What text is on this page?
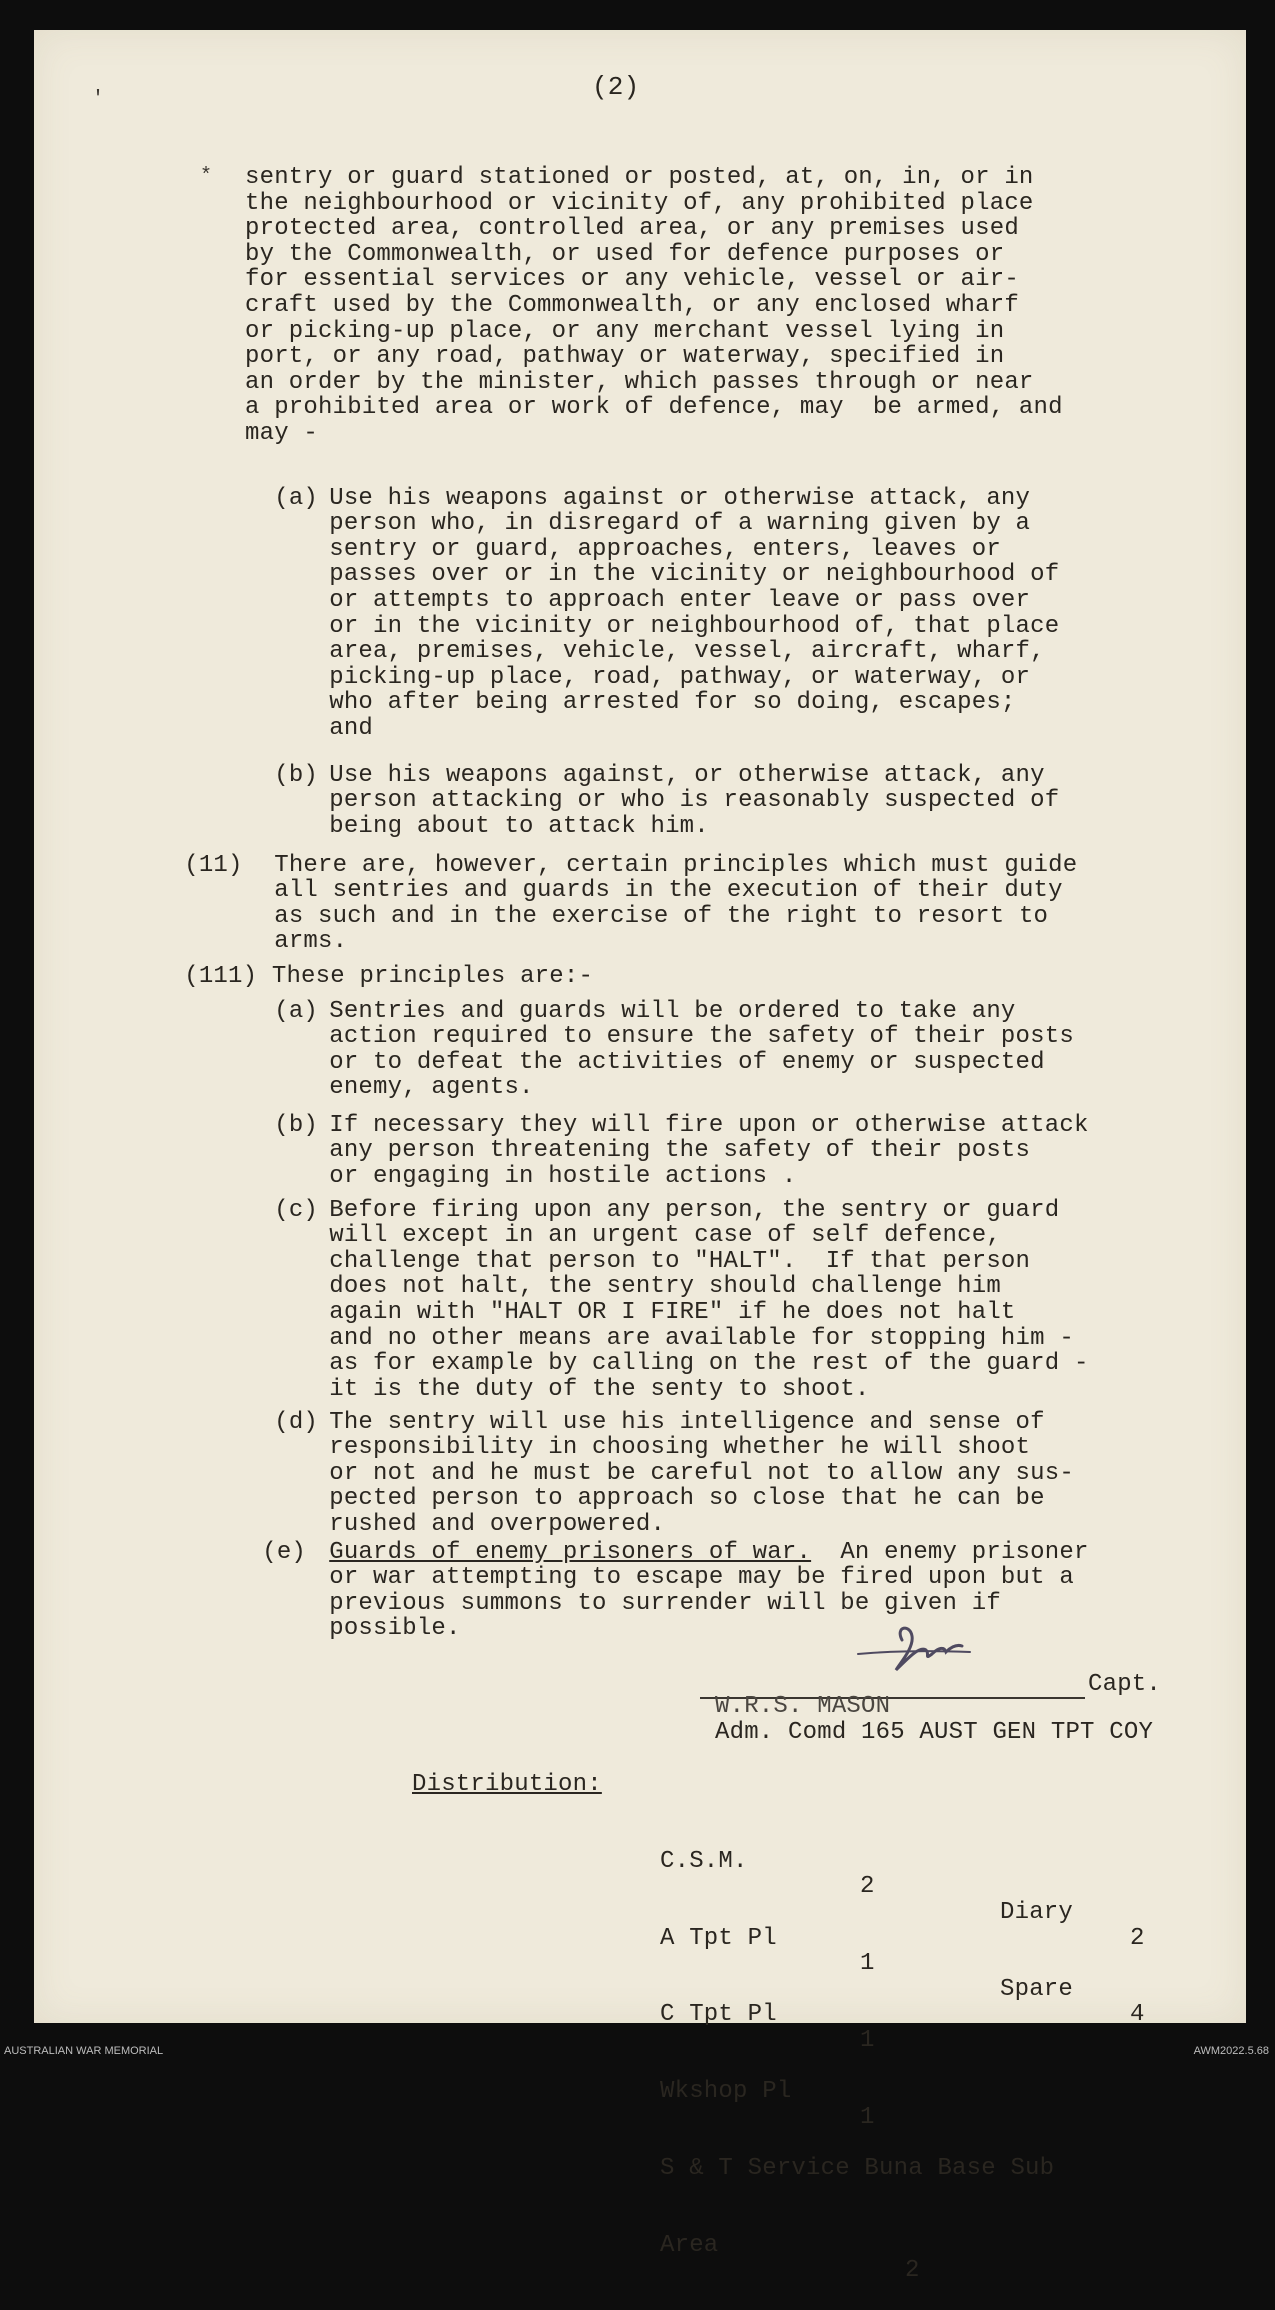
(2)
'
* sentry or guard stationed or posted, at, on, in, or in
the neighbourhood or vicinity of, any prohibited place
protected area, controlled area, or any premises used
by the Commonwealth, or used for defence purposes or
for essential services or any vehicle, vessel or air-
craft used by the Commonwealth, or any enclosed wharf
or picking-up place, or any merchant vessel lying in
port, or any road, pathway or waterway, specified in
an order by the minister, which passes through or near
a prohibited area or work of defence, may  be armed, and
may -

(a) Use his weapons against or otherwise attack, any
person who, in disregard of a warning given by a
sentry or guard, approaches, enters, leaves or
passes over or in the vicinity or neighbourhood of
or attempts to approach enter leave or pass over
or in the vicinity or neighbourhood of, that place
area, premises, vehicle, vessel, aircraft, wharf,
picking-up place, road, pathway, or waterway, or
who after being arrested for so doing, escapes;
and

(b) Use his weapons against, or otherwise attack, any
person attacking or who is reasonably suspected of
being about to attack him.

(11) There are, however, certain principles which must guide
all sentries and guards in the execution of their duty
as such and in the exercise of the right to resort to
arms.

(111) These principles are:-

(a) Sentries and guards will be ordered to take any
action required to ensure the safety of their posts
or to defeat the activities of enemy or suspected
enemy, agents.

(b) If necessary they will fire upon or otherwise attack
any person threatening the safety of their posts
or engaging in hostile actions .

(c) Before firing upon any person, the sentry or guard
will except in an urgent case of self defence,
challenge that person to "HALT".  If that person
does not halt, the sentry should challenge him
again with "HALT OR I FIRE" if he does not halt
and no other means are available for stopping him -
as for example by calling on the rest of the guard -
it is the duty of the senty to shoot.

(d) The sentry will use his intelligence and sense of
responsibility in choosing whether he will shoot
or not and he must be careful not to allow any sus-
pected person to approach so close that he can be
rushed and overpowered.

(e) Guards of enemy prisoners of war.  An enemy prisoner
or war attempting to escape may be fired upon but a
previous summons to surrender will be given if
possible.

Capt.
W.R.S. MASON
Adm. Comd 165 AUST GEN TPT COY
Distribution:

C.S.M.

2

Diary

2

A Tpt Pl

1

Spare

4

C Tpt Pl

1

Wkshop Pl

1

S & T Service Buna Base Sub

Area

2

AUSTRALIAN WAR MEMORIAL	AWM2022.5.68
